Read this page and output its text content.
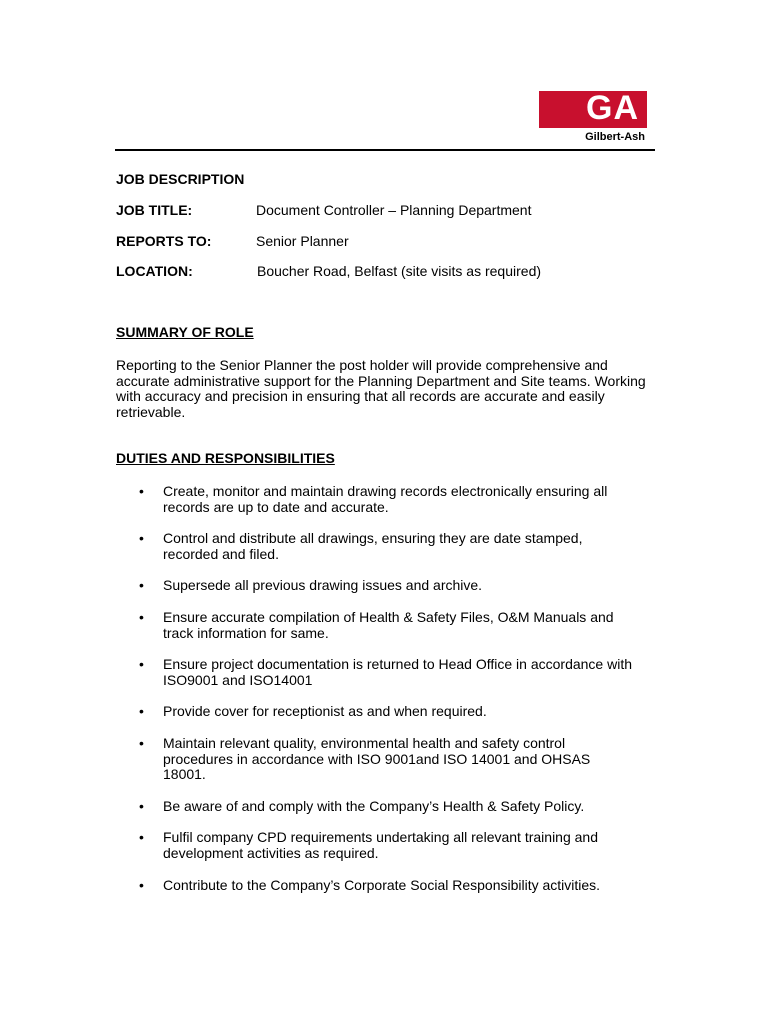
GA
Gilbert-Ash
JOB DESCRIPTION
JOB TITLE:	Document Controller – Planning Department
REPORTS TO:	Senior Planner
LOCATION:	Boucher Road, Belfast (site visits as required)
SUMMARY OF ROLE
Reporting to the Senior Planner the post holder will provide comprehensive and accurate administrative support for the Planning Department and Site teams. Working with accuracy and precision in ensuring that all records are accurate and easily retrievable.
DUTIES AND RESPONSIBILITIES
• Create, monitor and maintain drawing records electronically ensuring all records are up to date and accurate.
• Control and distribute all drawings, ensuring they are date stamped, recorded and filed.
• Supersede all previous drawing issues and archive.
• Ensure accurate compilation of Health & Safety Files, O&M Manuals and track information for same.
• Ensure project documentation is returned to Head Office in accordance with ISO9001 and ISO14001
• Provide cover for receptionist as and when required.
• Maintain relevant quality, environmental health and safety control procedures in accordance with ISO 9001and ISO 14001 and OHSAS 18001.
• Be aware of and comply with the Company’s Health & Safety Policy.
• Fulfil company CPD requirements undertaking all relevant training and development activities as required.
• Contribute to the Company’s Corporate Social Responsibility activities.
